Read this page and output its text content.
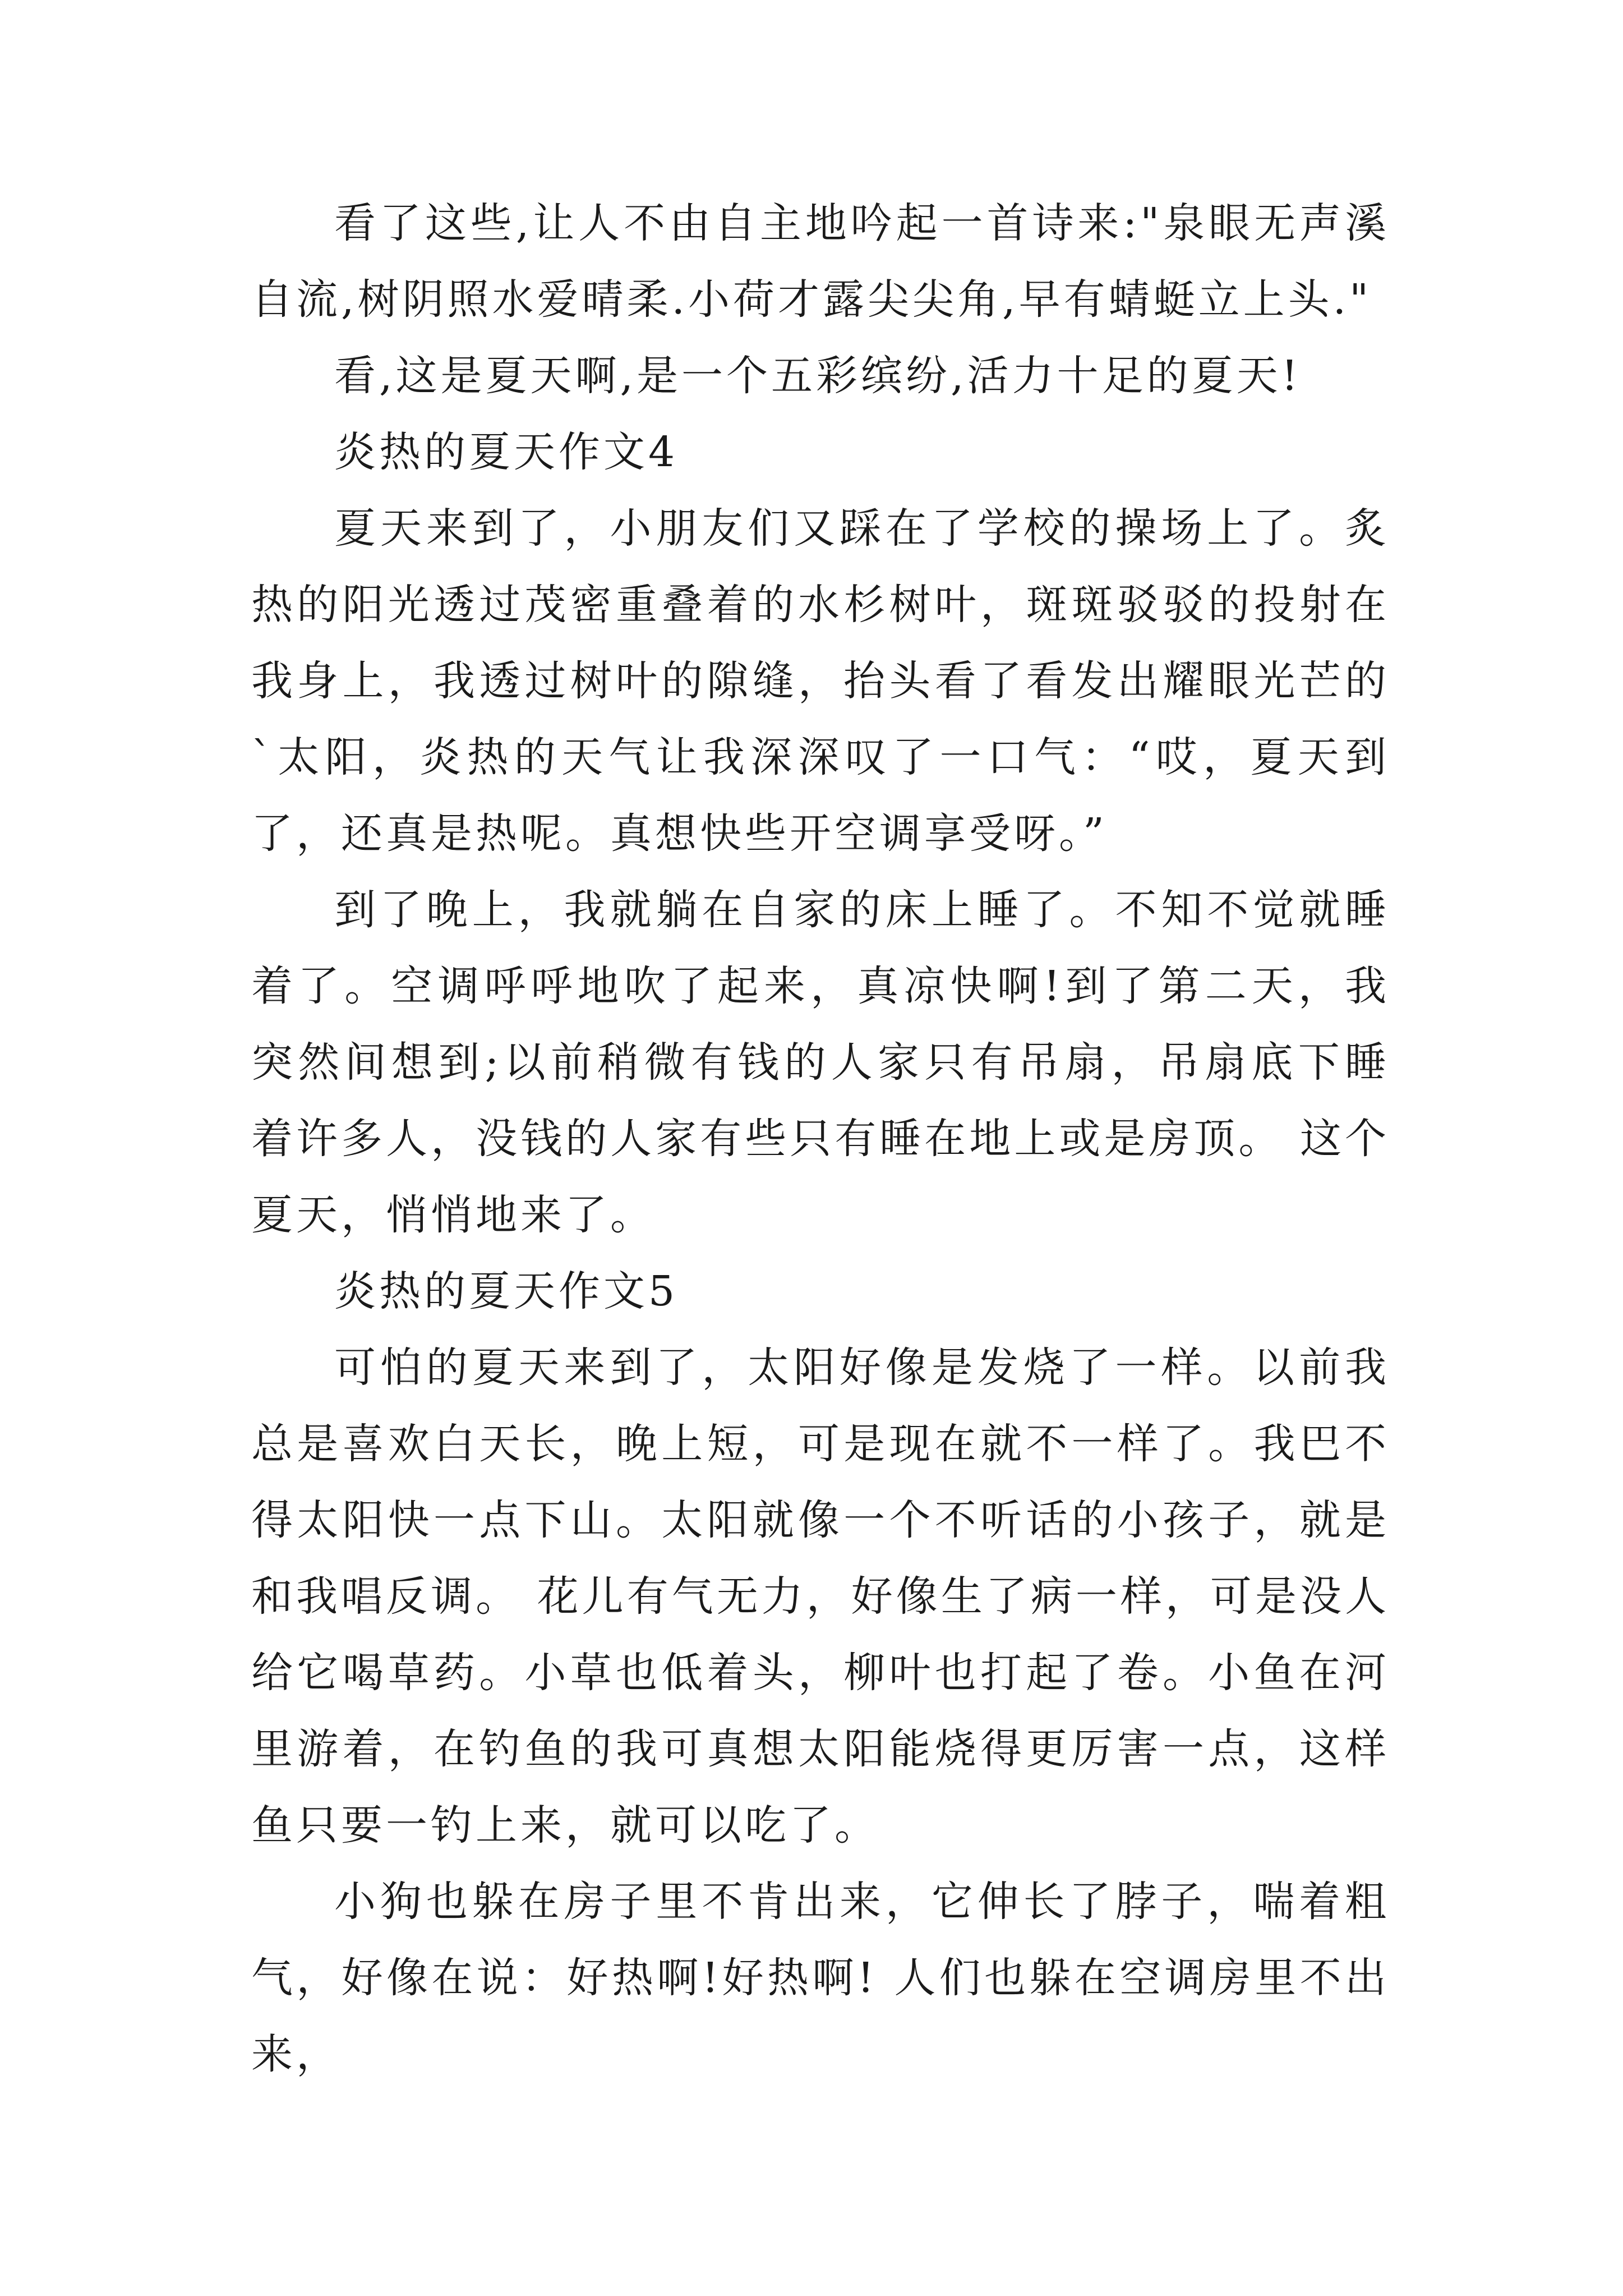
看了这些,让人不由自主地吟起一首诗来:"泉眼无声溪自流,树阴照水爱晴柔.小荷才露尖尖角,早有蜻蜓立上头."

看,这是夏天啊,是一个五彩缤纷,活力十足的夏天!

炎热的夏天作文4

夏天来到了，小朋友们又踩在了学校的操场上了。炙热的阳光透过茂密重叠着的水杉树叶，斑斑驳驳的投射在我身上，我透过树叶的隙缝，抬头看了看发出耀眼光芒的`太阳，炎热的天气让我深深叹了一口气：“哎，夏天到了，还真是热呢。真想快些开空调享受呀。”

到了晚上，我就躺在自家的床上睡了。不知不觉就睡着了。空调呼呼地吹了起来，真凉快啊!到了第二天，我突然间想到;以前稍微有钱的人家只有吊扇，吊扇底下睡着许多人，没钱的人家有些只有睡在地上或是房顶。 这个夏天，悄悄地来了。

炎热的夏天作文5

可怕的夏天来到了，太阳好像是发烧了一样。以前我总是喜欢白天长，晚上短，可是现在就不一样了。我巴不得太阳快一点下山。太阳就像一个不听话的小孩子，就是和我唱反调。 花儿有气无力，好像生了病一样，可是没人给它喝草药。小草也低着头，柳叶也打起了卷。小鱼在河里游着，在钓鱼的我可真想太阳能烧得更厉害一点，这样鱼只要一钓上来，就可以吃了。

小狗也躲在房子里不肯出来，它伸长了脖子，喘着粗气，好像在说：好热啊!好热啊! 人们也躲在空调房里不出来，
